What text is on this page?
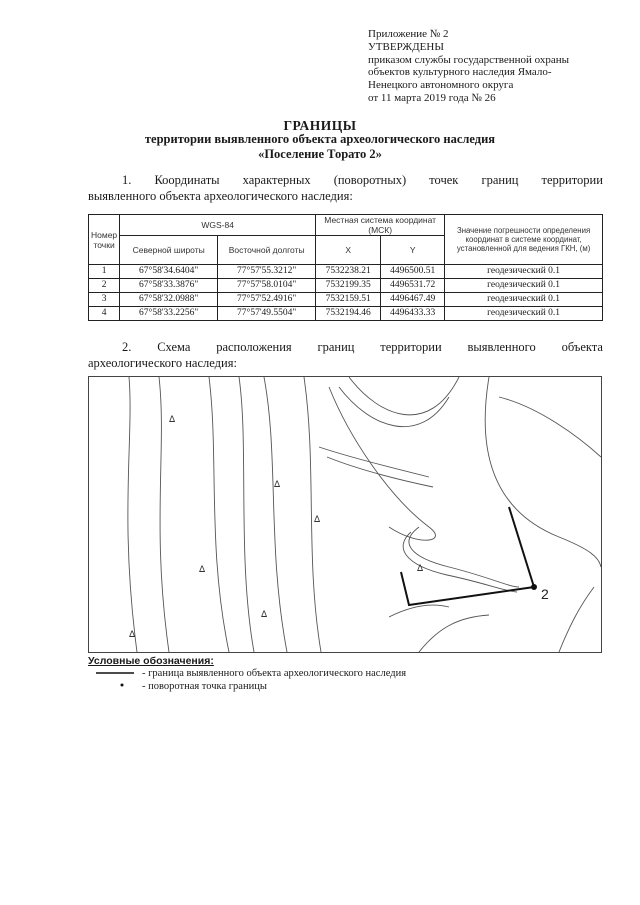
Приложение № 2
УТВЕРЖДЕНЫ
приказом службы государственной охраны
объектов культурного наследия Ямало-
Ненецкого автономного округа
от 11 марта 2019 года № 26
ГРАНИЦЫ
территории выявленного объекта археологического наследия
«Поселение Торато 2»
1. Координаты характерных (поворотных) точек границ территории
выявленного объекта археологического наследия:
Номер точки	WGS-84		Местная система координат (МСК)		Значение погрешности определения координат в системе координат, установленной для ведения ГКН, (м)
	Северной широты	Восточной долготы	X	Y	
1	67°58'34.6404"	77°57'55.3212"	7532238.21	4496500.51	геодезический 0.1
2	67°58'33.3876"	77°57'58.0104"	7532199.35	4496531.72	геодезический 0.1
3	67°58'32.0988"	77°57'52.4916"	7532159.51	4496467.49	геодезический 0.1
4	67°58'33.2256"	77°57'49.5504"	7532194.46	4496433.33	геодезический 0.1
2. Схема расположения границ территории выявленного объекта
археологического наследия:
2
ᐃ
ᐃ
ᐃ
ᐃ
ᐃ
ᐃ
ᐃ
Условные обозначения:
- граница выявленного объекта археологического наследия
- поворотная точка границы
